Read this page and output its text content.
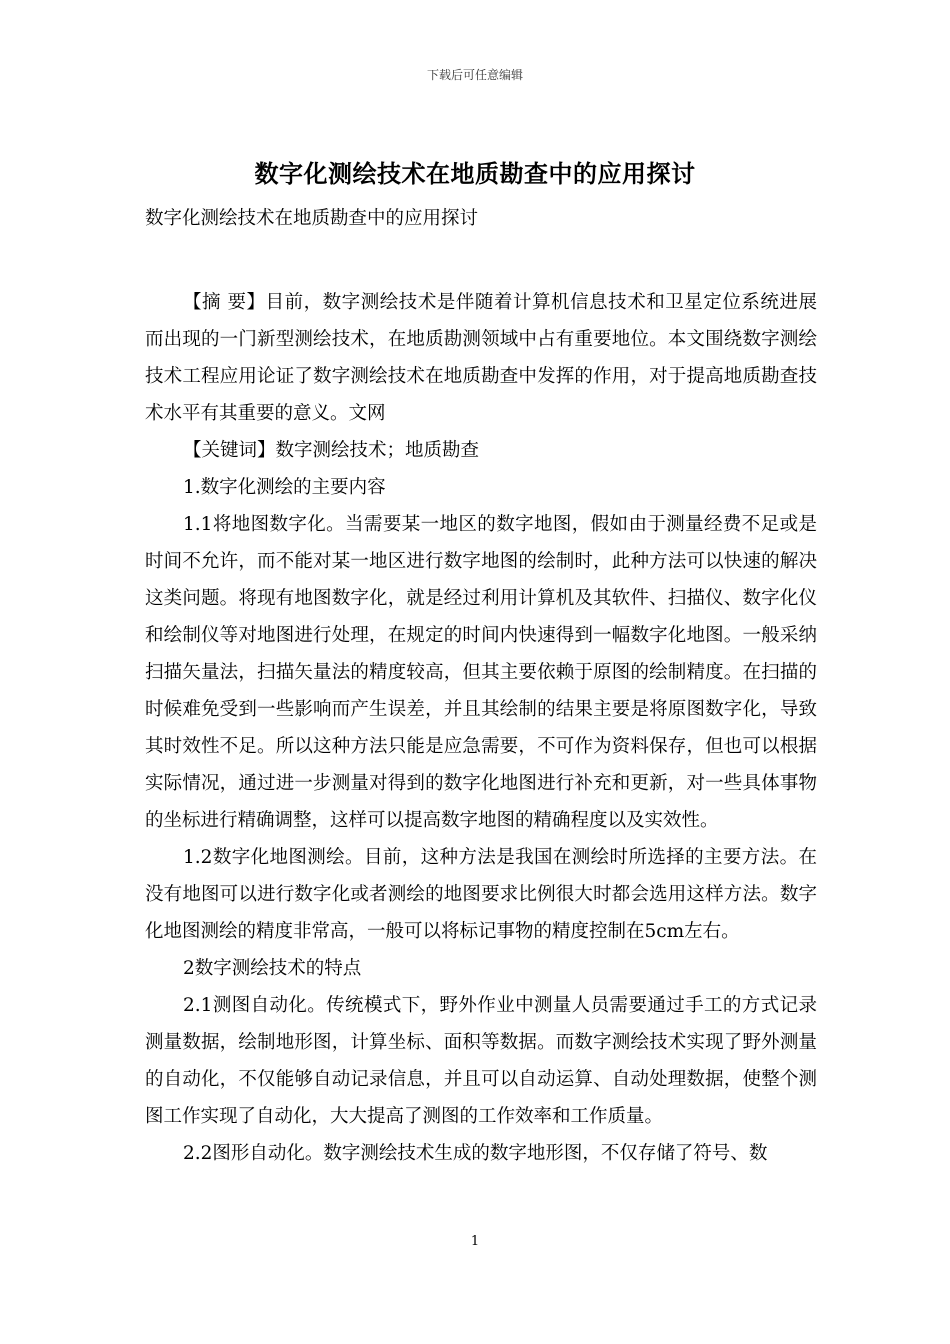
下载后可任意编辑
数字化测绘技术在地质勘查中的应用探讨

数字化测绘技术在地质勘查中的应用探讨

【摘 要】目前，数字测绘技术是伴随着计算机信息技术和卫星定位系统进展而出现的一门新型测绘技术，在地质勘测领域中占有重要地位。本文围绕数字测绘技术工程应用论证了数字测绘技术在地质勘查中发挥的作用，对于提高地质勘查技术水平有其重要的意义。文网

【关键词】数字测绘技术；地质勘查

1.数字化测绘的主要内容

1.1将地图数字化。当需要某一地区的数字地图，假如由于测量经费不足或是时间不允许，而不能对某一地区进行数字地图的绘制时，此种方法可以快速的解决这类问题。将现有地图数字化，就是经过利用计算机及其软件、扫描仪、数字化仪和绘制仪等对地图进行处理，在规定的时间内快速得到一幅数字化地图。一般采纳扫描矢量法，扫描矢量法的精度较高，但其主要依赖于原图的绘制精度。在扫描的时候难免受到一些影响而产生误差，并且其绘制的结果主要是将原图数字化，导致其时效性不足。所以这种方法只能是应急需要，不可作为资料保存，但也可以根据实际情况，通过进一步测量对得到的数字化地图进行补充和更新，对一些具体事物的坐标进行精确调整，这样可以提高数字地图的精确程度以及实效性。

1.2数字化地图测绘。目前，这种方法是我国在测绘时所选择的主要方法。在没有地图可以进行数字化或者测绘的地图要求比例很大时都会选用这样方法。数字化地图测绘的精度非常高，一般可以将标记事物的精度控制在5cm左右。

2数字测绘技术的特点

2.1测图自动化。传统模式下，野外作业中测量人员需要通过手工的方式记录测量数据，绘制地形图，计算坐标、面积等数据。而数字测绘技术实现了野外测量的自动化，不仅能够自动记录信息，并且可以自动运算、自动处理数据，使整个测图工作实现了自动化，大大提高了测图的工作效率和工作质量。

2.2图形自动化。数字测绘技术生成的数字地形图，不仅存储了符号、数

1
